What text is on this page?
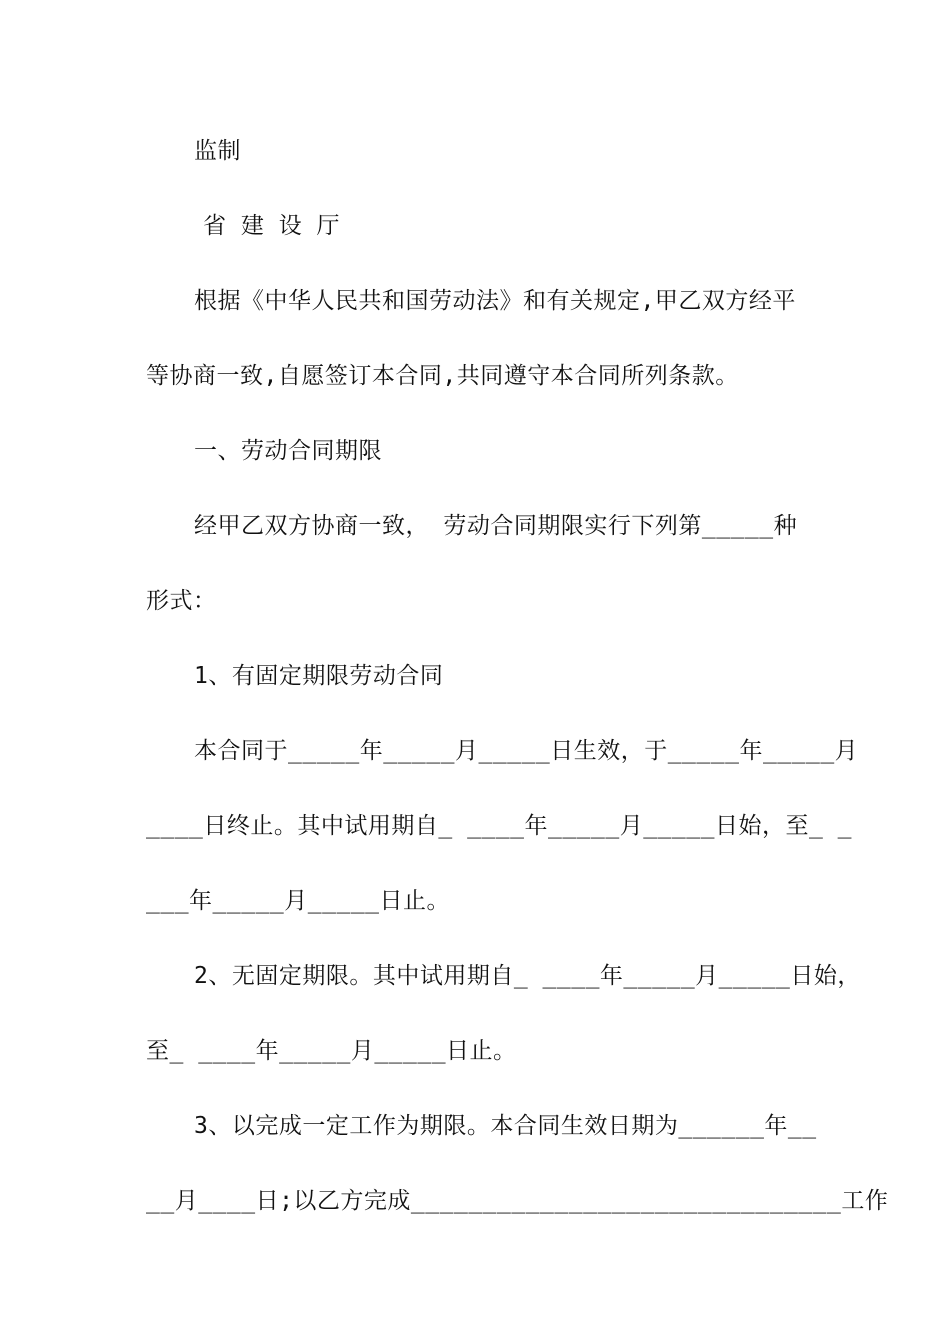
监制
省 建 设 厅
根据《中华人民共和国劳动法》和有关规定,甲乙双方经平
等协商一致,自愿签订本合同,共同遵守本合同所列条款。
一、劳动合同期限
经甲乙双方协商一致， 劳动合同期限实行下列第_____种
形式：
1、有固定期限劳动合同
本合同于_____年_____月_____日生效，于_____年_____月
____日终止。其中试用期自_ ____年_____月_____日始，至_ _
___年_____月_____日止。
2、无固定期限。其中试用期自_ ____年_____月_____日始，
至_ ____年_____月_____日止。
3、以完成一定工作为期限。本合同生效日期为______年__
__月____日;以乙方完成______________________________工作
